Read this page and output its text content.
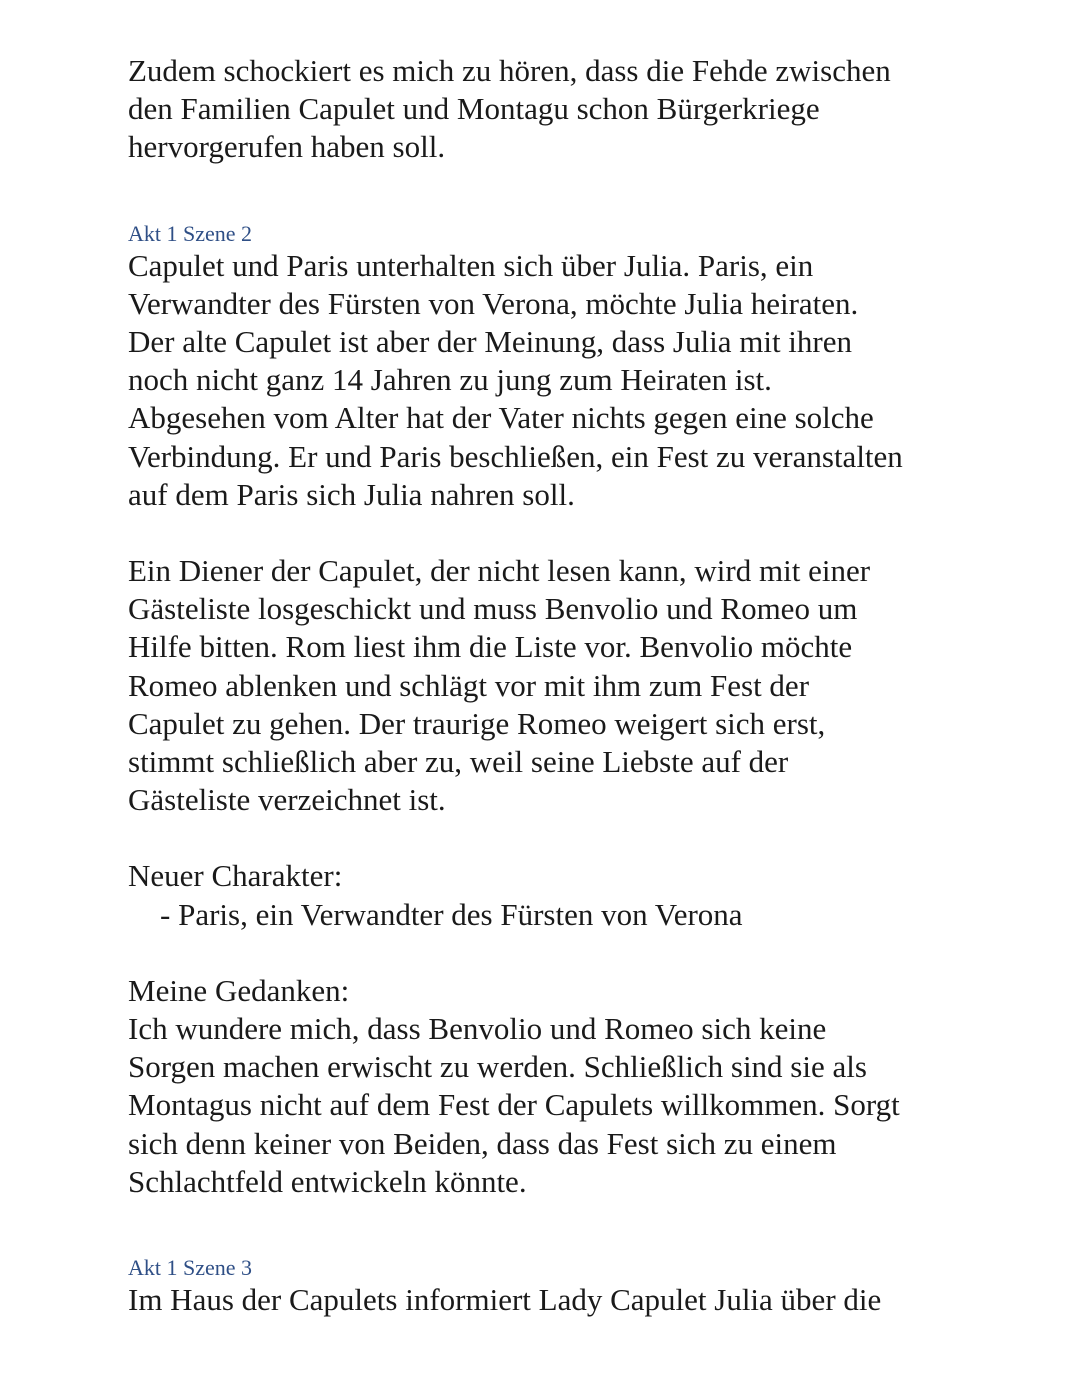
Zudem schockiert es mich zu hören, dass die Fehde zwischen
den Familien Capulet und Montagu schon Bürgerkriege
hervorgerufen haben soll.

Akt 1 Szene 2

Capulet und Paris unterhalten sich über Julia. Paris, ein
Verwandter des Fürsten von Verona, möchte Julia heiraten.
Der alte Capulet ist aber der Meinung, dass Julia mit ihren
noch nicht ganz 14 Jahren zu jung zum Heiraten ist.
Abgesehen vom Alter hat der Vater nichts gegen eine solche
Verbindung. Er und Paris beschließen, ein Fest zu veranstalten
auf dem Paris sich Julia nahren soll.

Ein Diener der Capulet, der nicht lesen kann, wird mit einer
Gästeliste losgeschickt und muss Benvolio und Romeo um
Hilfe bitten. Rom liest ihm die Liste vor. Benvolio möchte
Romeo ablenken und schlägt vor mit ihm zum Fest der
Capulet zu gehen. Der traurige Romeo weigert sich erst,
stimmt schließlich aber zu, weil seine Liebste auf der
Gästeliste verzeichnet ist.

Neuer Charakter:
- Paris, ein Verwandter des Fürsten von Verona

Meine Gedanken:
Ich wundere mich, dass Benvolio und Romeo sich keine
Sorgen machen erwischt zu werden. Schließlich sind sie als
Montagus nicht auf dem Fest der Capulets willkommen. Sorgt
sich denn keiner von Beiden, dass das Fest sich zu einem
Schlachtfeld entwickeln könnte.

Akt 1 Szene 3

Im Haus der Capulets informiert Lady Capulet Julia über die
